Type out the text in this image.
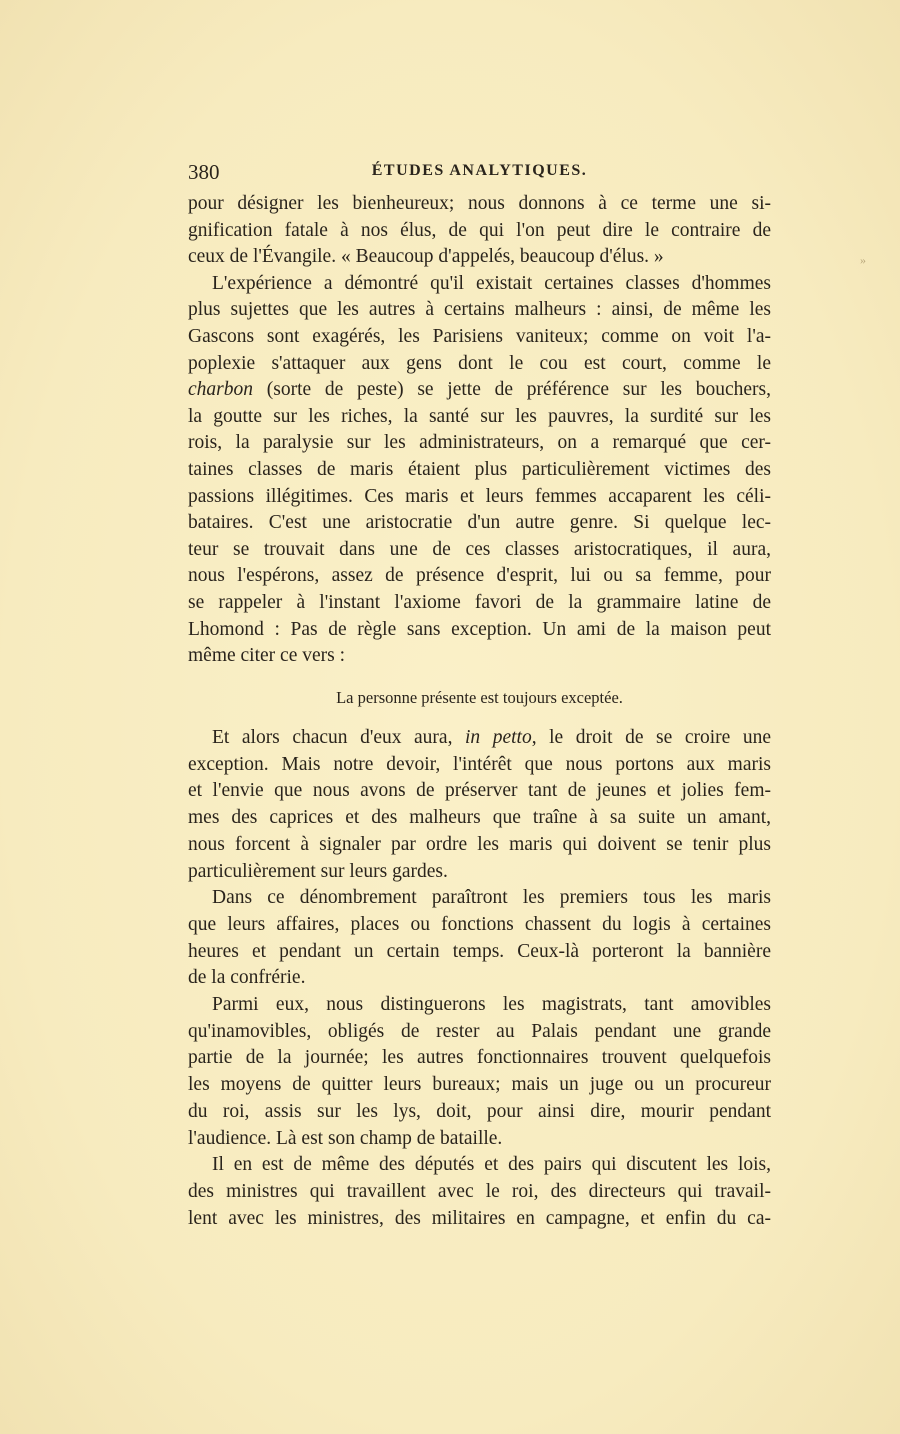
380	ÉTUDES ANALYTIQUES.
»
pour désigner les bienheureux; nous donnons à ce terme une si-
gnification fatale à nos élus, de qui l'on peut dire le contraire de
ceux de l'Évangile. « Beaucoup d'appelés, beaucoup d'élus. »
L'expérience a démontré qu'il existait certaines classes d'hommes
plus sujettes que les autres à certains malheurs : ainsi, de même les
Gascons sont exagérés, les Parisiens vaniteux; comme on voit l'a-
poplexie s'attaquer aux gens dont le cou est court, comme le
charbon (sorte de peste) se jette de préférence sur les bouchers,
la goutte sur les riches, la santé sur les pauvres, la surdité sur les
rois, la paralysie sur les administrateurs, on a remarqué que cer-
taines classes de maris étaient plus particulièrement victimes des
passions illégitimes. Ces maris et leurs femmes accaparent les céli-
bataires. C'est une aristocratie d'un autre genre. Si quelque lec-
teur se trouvait dans une de ces classes aristocratiques, il aura,
nous l'espérons, assez de présence d'esprit, lui ou sa femme, pour
se rappeler à l'instant l'axiome favori de la grammaire latine de
Lhomond : Pas de règle sans exception. Un ami de la maison peut
même citer ce vers :
La personne présente est toujours exceptée.
Et alors chacun d'eux aura, in petto, le droit de se croire une
exception. Mais notre devoir, l'intérêt que nous portons aux maris
et l'envie que nous avons de préserver tant de jeunes et jolies fem-
mes des caprices et des malheurs que traîne à sa suite un amant,
nous forcent à signaler par ordre les maris qui doivent se tenir plus
particulièrement sur leurs gardes.
Dans ce dénombrement paraîtront les premiers tous les maris
que leurs affaires, places ou fonctions chassent du logis à certaines
heures et pendant un certain temps. Ceux-là porteront la bannière
de la confrérie.
Parmi eux, nous distinguerons les magistrats, tant amovibles
qu'inamovibles, obligés de rester au Palais pendant une grande
partie de la journée; les autres fonctionnaires trouvent quelquefois
les moyens de quitter leurs bureaux; mais un juge ou un procureur
du roi, assis sur les lys, doit, pour ainsi dire, mourir pendant
l'audience. Là est son champ de bataille.
Il en est de même des députés et des pairs qui discutent les lois,
des ministres qui travaillent avec le roi, des directeurs qui travail-
lent avec les ministres, des militaires en campagne, et enfin du ca-
